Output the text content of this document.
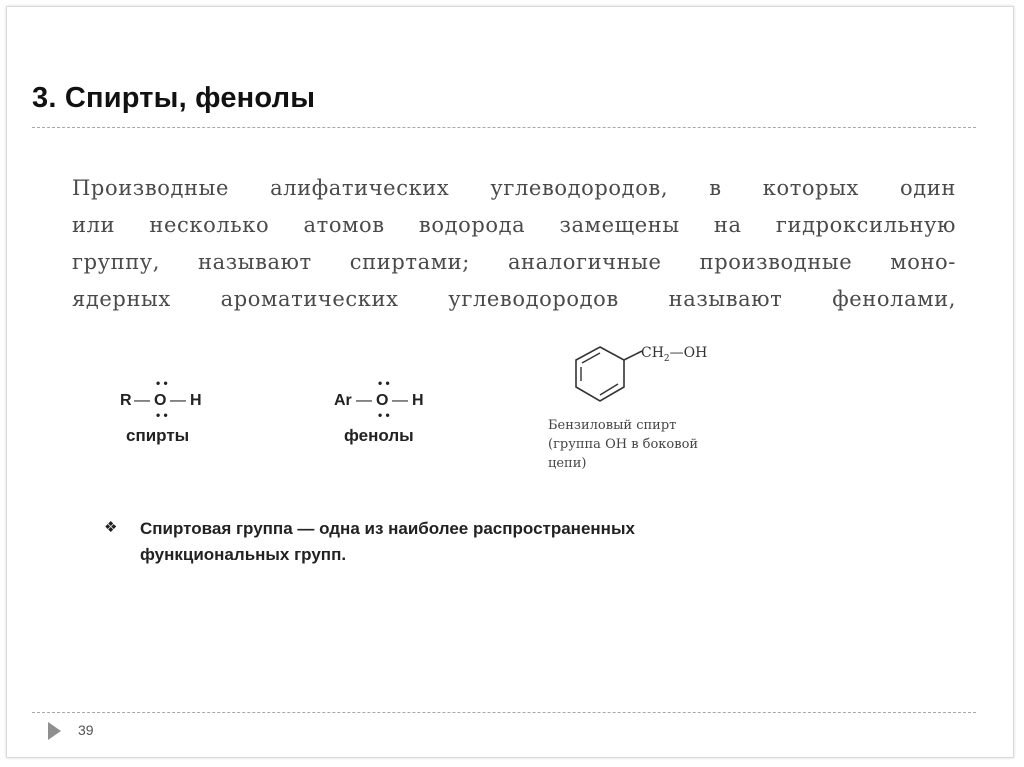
3. Спирты, фенолы
Производные алифатических углеводородов, в которых один
или несколько атомов водорода замещены на гидроксильную
группу, называют спиртами; аналогичные производные моно-
ядерных ароматических углеводородов называют фенолами,
R — O — H
• •
• •
спирты
Ar — O — H
• •
• •
фенолы
$CH_2—OH$
Бензиловый спирт
(группа ОН в боковой
цепи)
❖ Спиртовая группа — одна из наиболее распространенных
функциональных групп.
39
